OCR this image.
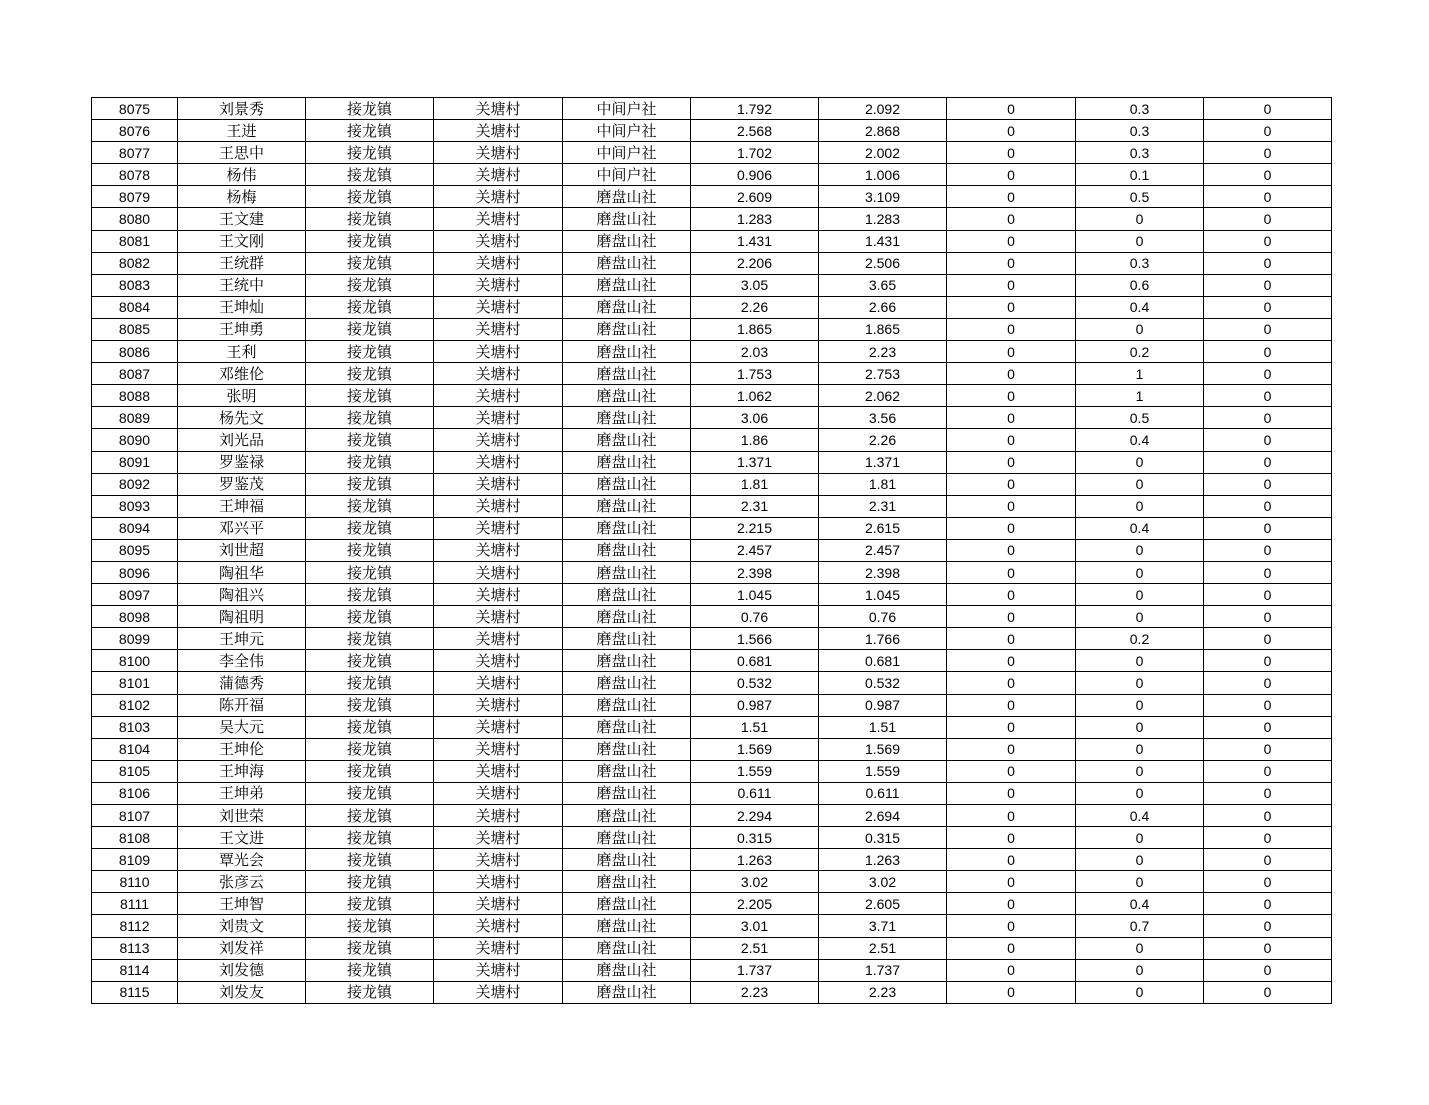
8075	刘景秀	接龙镇	关塘村	中间户社	1.792	2.092	0	0.3	0
8076	王进	接龙镇	关塘村	中间户社	2.568	2.868	0	0.3	0
8077	王思中	接龙镇	关塘村	中间户社	1.702	2.002	0	0.3	0
8078	杨伟	接龙镇	关塘村	中间户社	0.906	1.006	0	0.1	0
8079	杨梅	接龙镇	关塘村	磨盘山社	2.609	3.109	0	0.5	0
8080	王文建	接龙镇	关塘村	磨盘山社	1.283	1.283	0	0	0
8081	王文刚	接龙镇	关塘村	磨盘山社	1.431	1.431	0	0	0
8082	王统群	接龙镇	关塘村	磨盘山社	2.206	2.506	0	0.3	0
8083	王统中	接龙镇	关塘村	磨盘山社	3.05	3.65	0	0.6	0
8084	王坤灿	接龙镇	关塘村	磨盘山社	2.26	2.66	0	0.4	0
8085	王坤勇	接龙镇	关塘村	磨盘山社	1.865	1.865	0	0	0
8086	王利	接龙镇	关塘村	磨盘山社	2.03	2.23	0	0.2	0
8087	邓维伦	接龙镇	关塘村	磨盘山社	1.753	2.753	0	1	0
8088	张明	接龙镇	关塘村	磨盘山社	1.062	2.062	0	1	0
8089	杨先文	接龙镇	关塘村	磨盘山社	3.06	3.56	0	0.5	0
8090	刘光品	接龙镇	关塘村	磨盘山社	1.86	2.26	0	0.4	0
8091	罗鉴禄	接龙镇	关塘村	磨盘山社	1.371	1.371	0	0	0
8092	罗鉴茂	接龙镇	关塘村	磨盘山社	1.81	1.81	0	0	0
8093	王坤福	接龙镇	关塘村	磨盘山社	2.31	2.31	0	0	0
8094	邓兴平	接龙镇	关塘村	磨盘山社	2.215	2.615	0	0.4	0
8095	刘世超	接龙镇	关塘村	磨盘山社	2.457	2.457	0	0	0
8096	陶祖华	接龙镇	关塘村	磨盘山社	2.398	2.398	0	0	0
8097	陶祖兴	接龙镇	关塘村	磨盘山社	1.045	1.045	0	0	0
8098	陶祖明	接龙镇	关塘村	磨盘山社	0.76	0.76	0	0	0
8099	王坤元	接龙镇	关塘村	磨盘山社	1.566	1.766	0	0.2	0
8100	李全伟	接龙镇	关塘村	磨盘山社	0.681	0.681	0	0	0
8101	蒲德秀	接龙镇	关塘村	磨盘山社	0.532	0.532	0	0	0
8102	陈开福	接龙镇	关塘村	磨盘山社	0.987	0.987	0	0	0
8103	吴大元	接龙镇	关塘村	磨盘山社	1.51	1.51	0	0	0
8104	王坤伦	接龙镇	关塘村	磨盘山社	1.569	1.569	0	0	0
8105	王坤海	接龙镇	关塘村	磨盘山社	1.559	1.559	0	0	0
8106	王坤弟	接龙镇	关塘村	磨盘山社	0.611	0.611	0	0	0
8107	刘世荣	接龙镇	关塘村	磨盘山社	2.294	2.694	0	0.4	0
8108	王文进	接龙镇	关塘村	磨盘山社	0.315	0.315	0	0	0
8109	覃光会	接龙镇	关塘村	磨盘山社	1.263	1.263	0	0	0
8110	张彦云	接龙镇	关塘村	磨盘山社	3.02	3.02	0	0	0
8111	王坤智	接龙镇	关塘村	磨盘山社	2.205	2.605	0	0.4	0
8112	刘贵文	接龙镇	关塘村	磨盘山社	3.01	3.71	0	0.7	0
8113	刘发祥	接龙镇	关塘村	磨盘山社	2.51	2.51	0	0	0
8114	刘发德	接龙镇	关塘村	磨盘山社	1.737	1.737	0	0	0
8115	刘发友	接龙镇	关塘村	磨盘山社	2.23	2.23	0	0	0
